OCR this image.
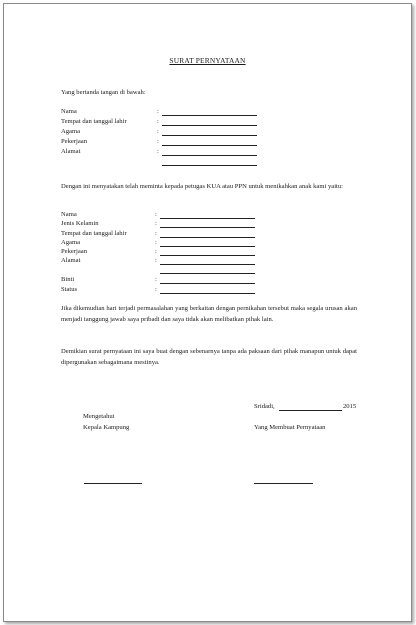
SURAT PERNYATAAN
Yang bertanda tangan di bawah:
Nama
Tempat dan tanggal lahir
Agama
Pekerjaan
Alamat
:
:
:
:
:
Dengan ini menyatakan telah meminta kepada petugas KUA atau PPN untuk menikahkan anak kami yaitu:
Nama
Jenis Kelamin
Tempat dan tanggal lahir
Agama
Pekerjaan
Alamat
Binti
Status
:
:
:
:
:
:
:
:
Jika dikemudian hari terjadi permasalahan yang berkaitan dengan pernikahan tersebut maka segala urusan akan menjadi tanggung jawab saya pribadi dan saya tidak akan melibatkan pihak lain.
Demikian surat pernyataan ini saya buat dengan sebenarnya tanpa ada paksaan dari pihak manapun untuk dapat dipergunakan sebagaimana mestinya.
Sridadi,	2015
Mengetahui
Kepala Kampung	Yang Membuat Pernyataan
